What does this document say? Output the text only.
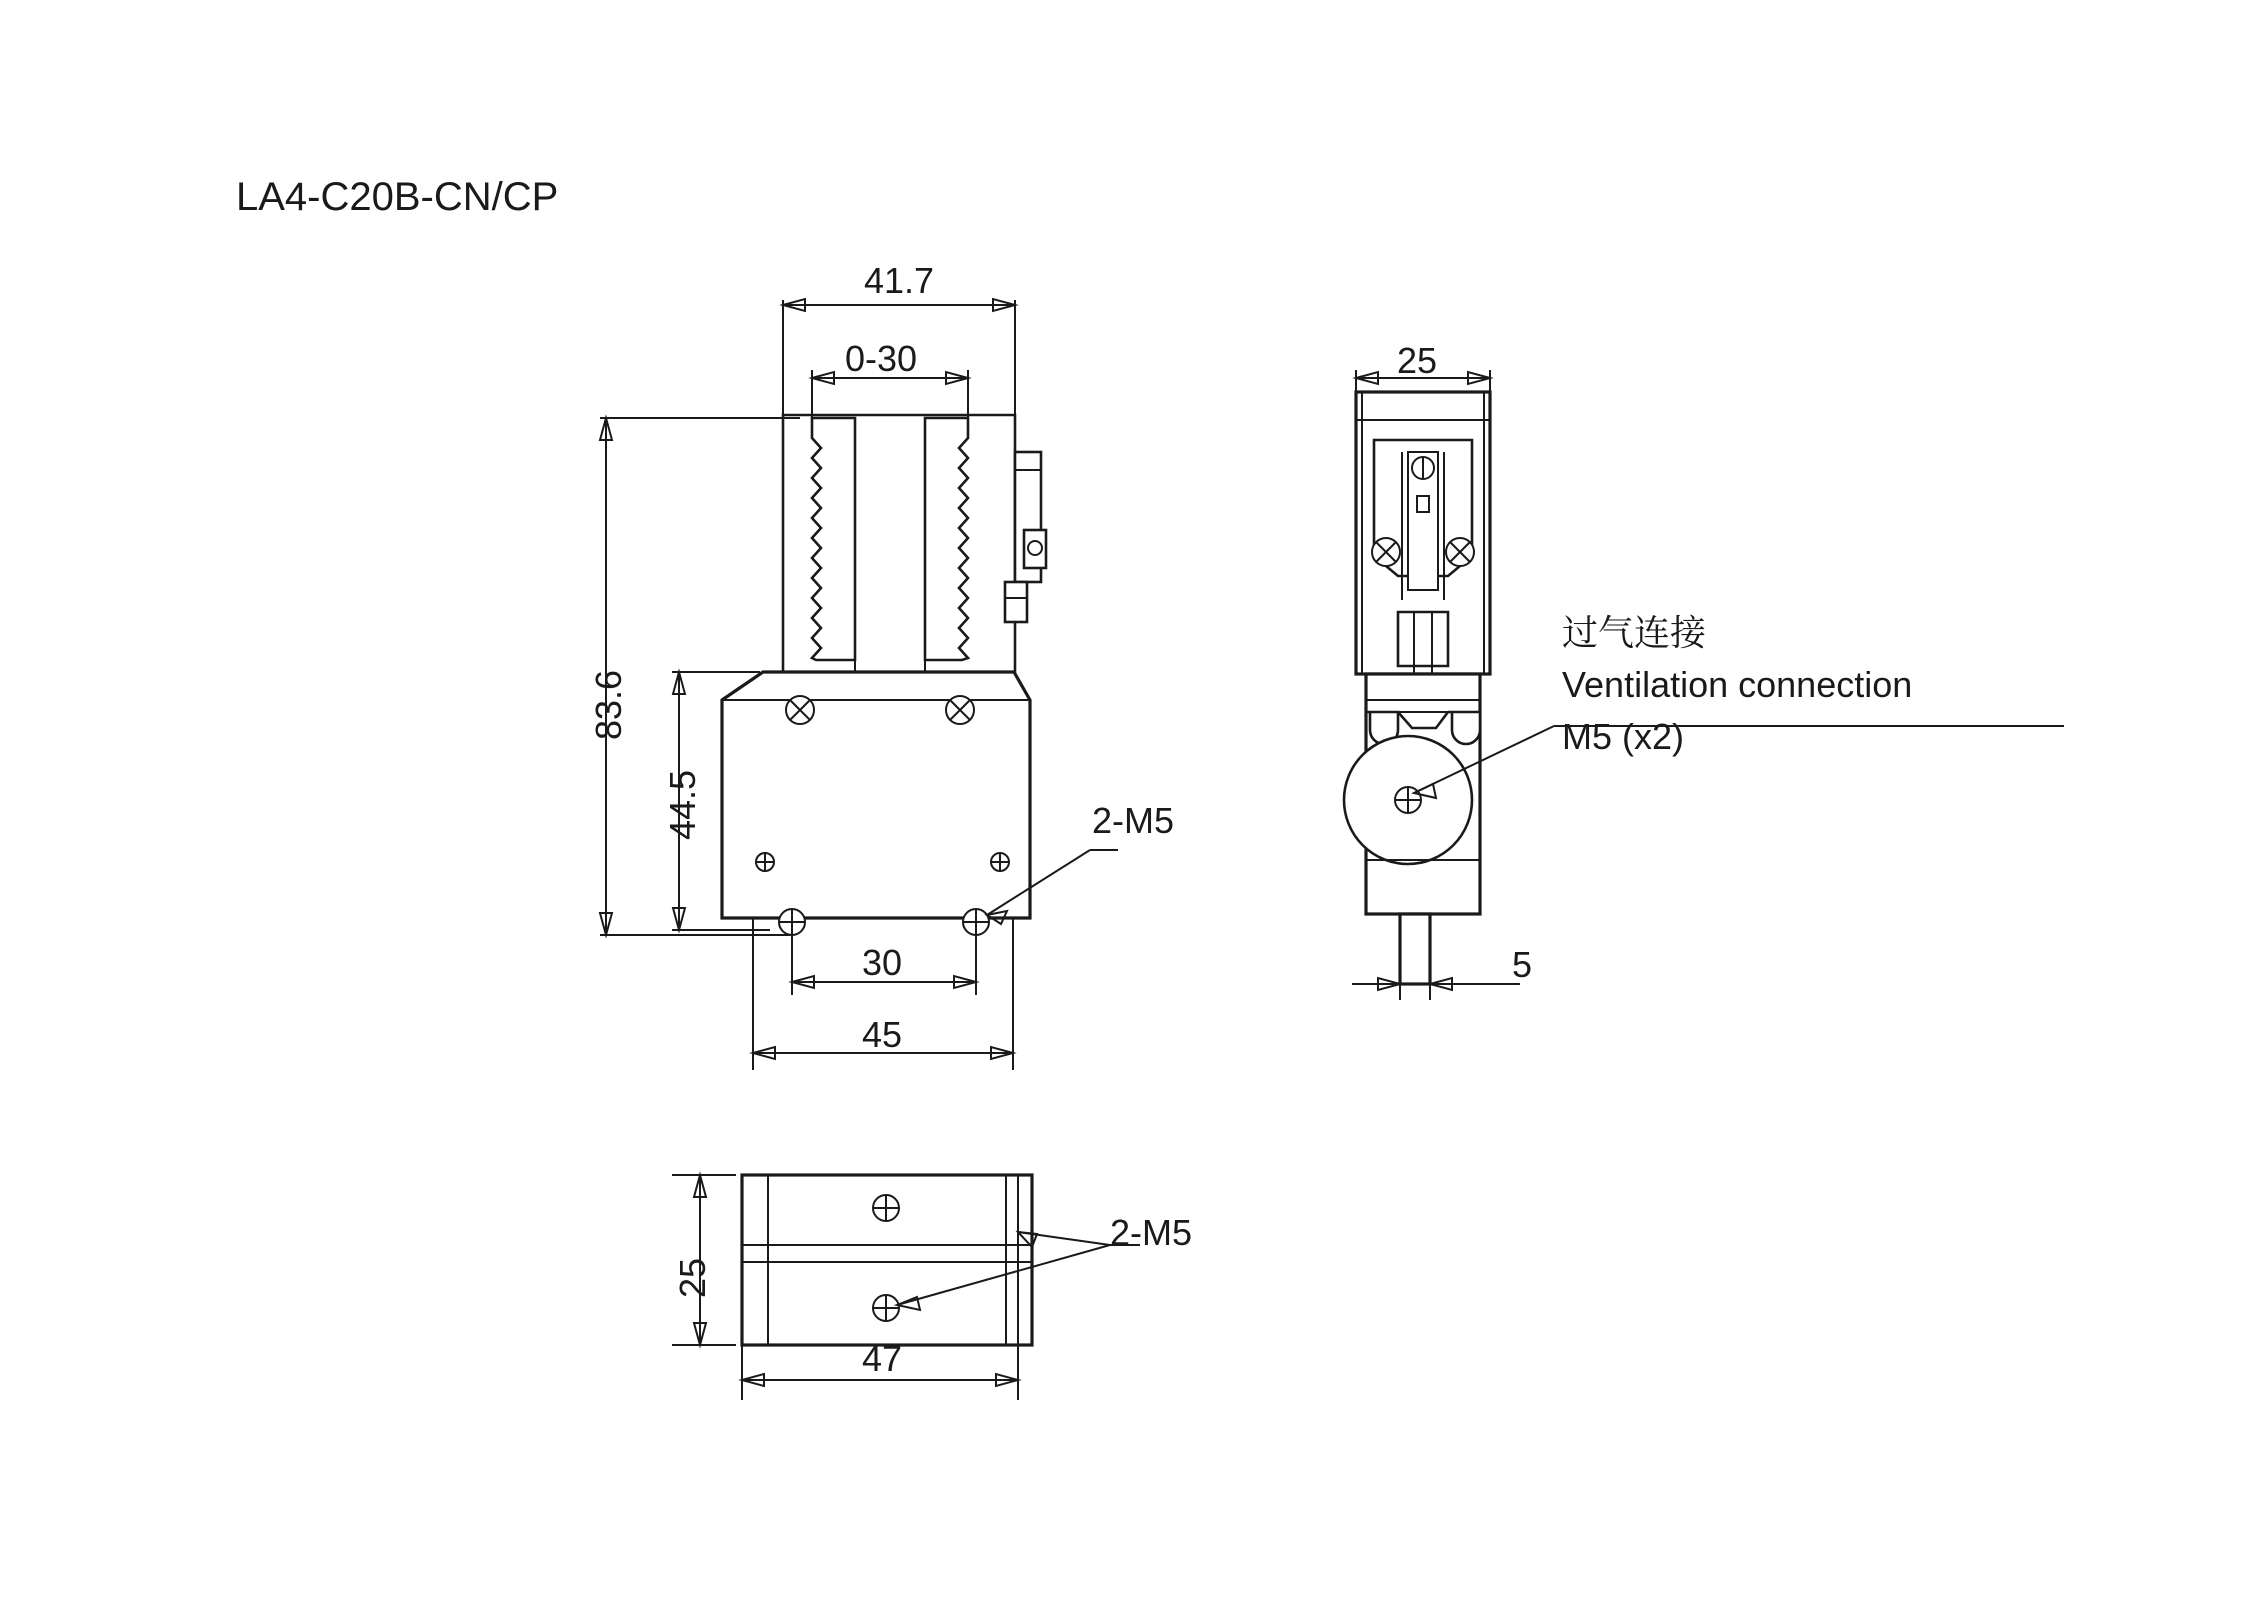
LA4-C20B-CN/CP
41.7
0-30
83.6
44.5
30
45
2-M5
25
5
过气连接
Ventilation connection
M5 (x2)
25
47
2-M5
